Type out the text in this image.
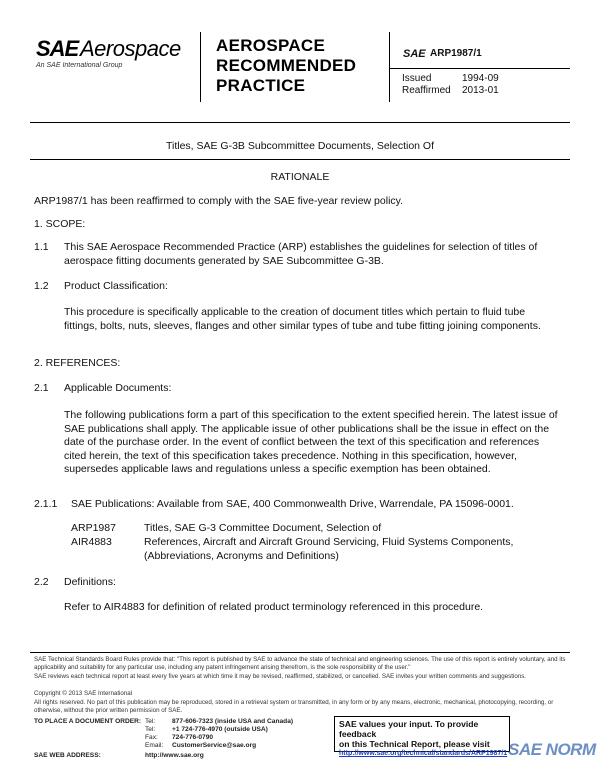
SAE Aerospace
An SAE International Group
AEROSPACE
RECOMMENDED
PRACTICE
SAE ARP1987/1
Issued	1994-09
Reaffirmed 2013-01
Titles, SAE G-3B Subcommittee Documents, Selection Of
RATIONALE
ARP1987/1 has been reaffirmed to comply with the SAE five-year review policy.
1. SCOPE:
1.1 This SAE Aerospace Recommended Practice (ARP) establishes the guidelines for selection of titles of aerospace fitting documents generated by SAE Subcommittee G-3B.
1.2 Product Classification:
This procedure is specifically applicable to the creation of document titles which pertain to fluid tube fittings, bolts, nuts, sleeves, flanges and other similar types of tube and tube fitting joining components.
2. REFERENCES:
2.1 Applicable Documents:
The following publications form a part of this specification to the extent specified herein. The latest issue of SAE publications shall apply. The applicable issue of other publications shall be the issue in effect on the date of the purchase order. In the event of conflict between the text of this specification and references cited herein, the text of this specification takes precedence. Nothing in this specification, however, supersedes applicable laws and regulations unless a specific exemption has been obtained.
2.1.1 SAE Publications: Available from SAE, 400 Commonwealth Drive, Warrendale, PA 15096-0001.
ARP1987	Titles, SAE G-3 Committee Document, Selection of
AIR4883	References, Aircraft and Aircraft Ground Servicing, Fluid Systems Components, (Abbreviations, Acronyms and Definitions)
2.2 Definitions:
Refer to AIR4883 for definition of related product terminology referenced in this procedure.
SAE Technical Standards Board Rules provide that: "This report is published by SAE to advance the state of technical and engineering sciences. The use of this report is entirely voluntary, and its applicability and suitability for any particular use, including any patent infringement arising therefrom, is the sole responsibility of the user."
SAE reviews each technical report at least every five years at which time it may be revised, reaffirmed, stabilized, or cancelled. SAE invites your written comments and suggestions.
Copyright © 2013 SAE International
All rights reserved. No part of this publication may be reproduced, stored in a retrieval system or transmitted, in any form or by any means, electronic, mechanical, photocopying, recording, or otherwise, without the prior written permission of SAE.
TO PLACE A DOCUMENT ORDER: Tel:	877-606-7323 (inside USA and Canada)
Tel:	+1 724-776-4970 (outside USA)
Fax: 724-776-0790
Email: CustomerService@sae.org
SAE WEB ADDRESS:	http://www.sae.org
SAE values your input. To provide feedback
on this Technical Report, please visit
http://www.sae.org/technical/standards/ARP1987/1 SAE NORM
